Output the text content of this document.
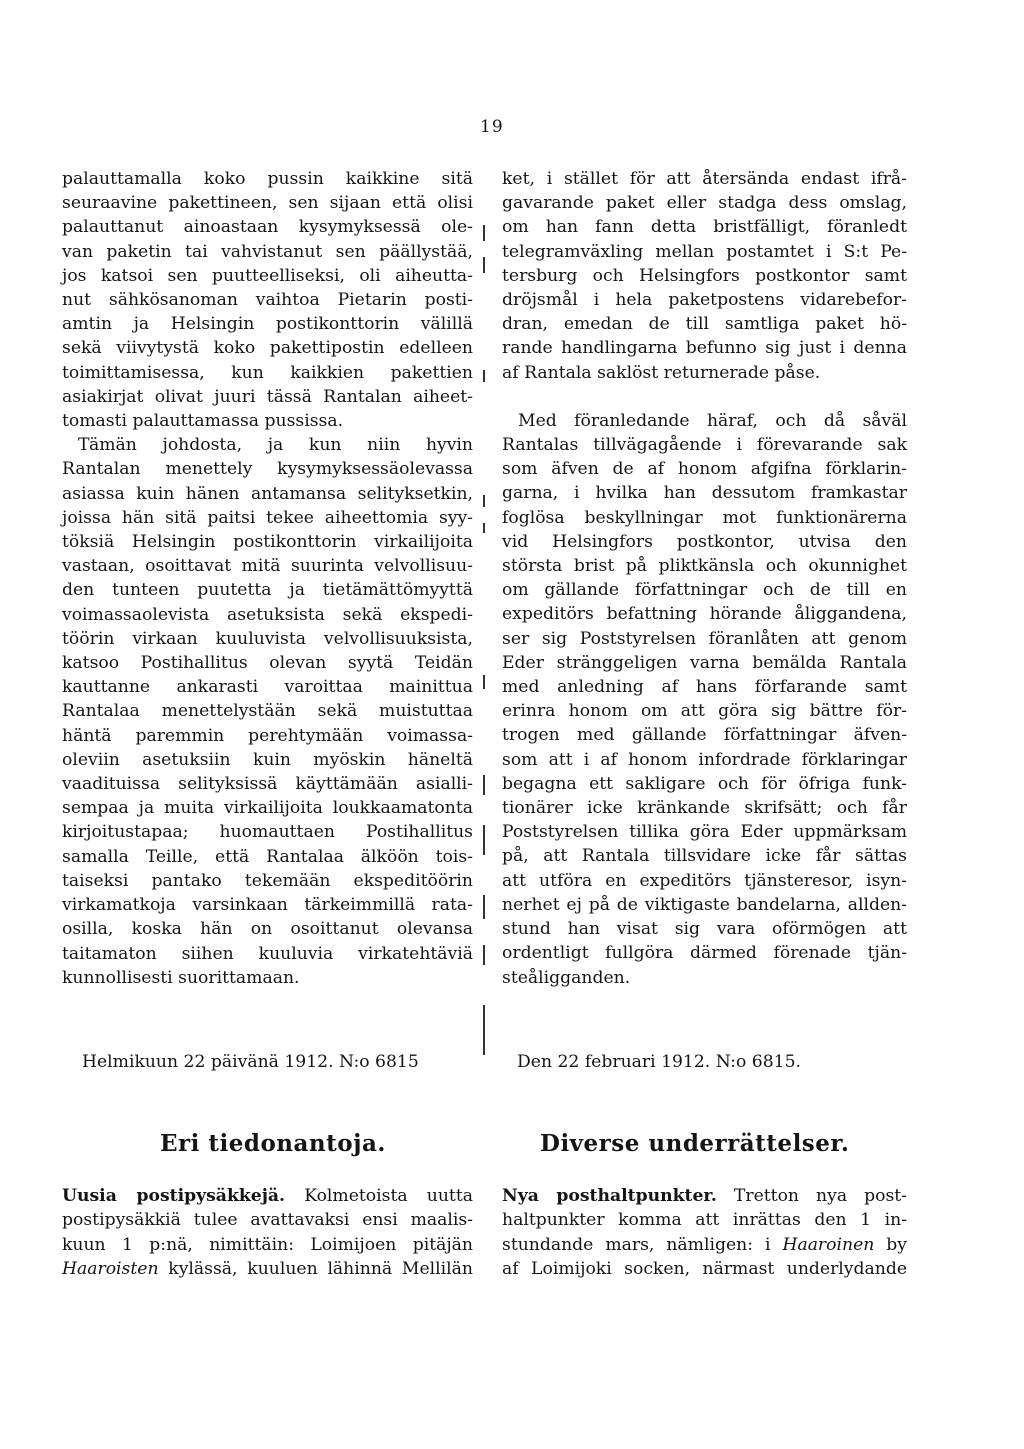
19
palauttamalla koko pussin kaikkine sitä
seuraavine pakettineen, sen sijaan että olisi
palauttanut ainoastaan kysymyksessä ole-
van paketin tai vahvistanut sen päällystää,
jos katsoi sen puutteelliseksi, oli aiheutta-
nut sähkösanoman vaihtoa Pietarin posti-
amtin ja Helsingin postikonttorin välillä
sekä viivytystä koko pakettipostin edelleen
toimittamisessa, kun kaikkien pakettien
asiakirjat olivat juuri tässä Rantalan aiheet-
tomasti palauttamassa pussissa.
Tämän johdosta, ja kun niin hyvin
Rantalan menettely kysymyksessäolevassa
asiassa kuin hänen antamansa selityksetkin,
joissa hän sitä paitsi tekee aiheettomia syy-
töksiä Helsingin postikonttorin virkailijoita
vastaan, osoittavat mitä suurinta velvollisuu-
den tunteen puutetta ja tietämättömyyttä
voimassaolevista asetuksista sekä ekspedi-
töörin virkaan kuuluvista velvollisuuksista,
katsoo Postihallitus olevan syytä Teidän
kauttanne ankarasti varoittaa mainittua
Rantalaa menettelystään sekä muistuttaa
häntä paremmin perehtymään voimassa-
oleviin asetuksiin kuin myöskin häneltä
vaadituissa selityksissä käyttämään asialli-
sempaa ja muita virkailijoita loukkaamatonta
kirjoitustapaa; huomauttaen Postihallitus
samalla Teille, että Rantalaa älköön tois-
taiseksi pantako tekemään ekspeditöörin
virkamatkoja varsinkaan tärkeimmillä rata-
osilla, koska hän on osoittanut olevansa
taitamaton siihen kuuluvia virkatehtäviä
kunnollisesti suorittamaan.
ket, i stället för att återsända endast ifrå-
gavarande paket eller stadga dess omslag,
om han fann detta bristfälligt, föranledt
telegramväxling mellan postamtet i S:t Pe-
tersburg och Helsingfors postkontor samt
dröjsmål i hela paketpostens vidarebefor-
dran, emedan de till samtliga paket hö-
rande handlingarna befunno sig just i denna
af Rantala saklöst returnerade påse.
Med föranledande häraf, och då såväl
Rantalas tillvägagående i förevarande sak
som äfven de af honom afgifna förklarin-
garna, i hvilka han dessutom framkastar
foglösa beskyllningar mot funktionärerna
vid Helsingfors postkontor, utvisa den
största brist på pliktkänsla och okunnighet
om gällande författningar och de till en
expeditörs befattning hörande åliggandena,
ser sig Poststyrelsen föranlåten att genom
Eder stränggeligen varna bemälda Rantala
med anledning af hans förfarande samt
erinra honom om att göra sig bättre för-
trogen med gällande författningar äfven-
som att i af honom infordrade förklaringar
begagna ett sakligare och för öfriga funk-
tionärer icke kränkande skrifsätt; och får
Poststyrelsen tillika göra Eder uppmärksam
på, att Rantala tillsvidare icke får sättas
att utföra en expeditörs tjänsteresor, isyn-
nerhet ej på de viktigaste bandelarna, allden-
stund han visat sig vara oförmögen att
ordentligt fullgöra därmed förenade tjän-
steåligganden.
Helmikuun 22 päivänä 1912. N:o 6815	Den 22 februari 1912. N:o 6815.
Eri tiedonantoja.	Diverse underrättelser.
Uusia postipysäkkejä. Kolmetoista uutta
postipysäkkiä tulee avattavaksi ensi maalis-
kuun 1 p:nä, nimittäin: Loimijoen pitäjän
Haaroisten kylässä, kuuluen lähinnä Mellilän
Nya posthaltpunkter. Tretton nya post-
haltpunkter komma att inrättas den 1 in-
stundande mars, nämligen: i Haaroinen by
af Loimijoki socken, närmast underlydande
